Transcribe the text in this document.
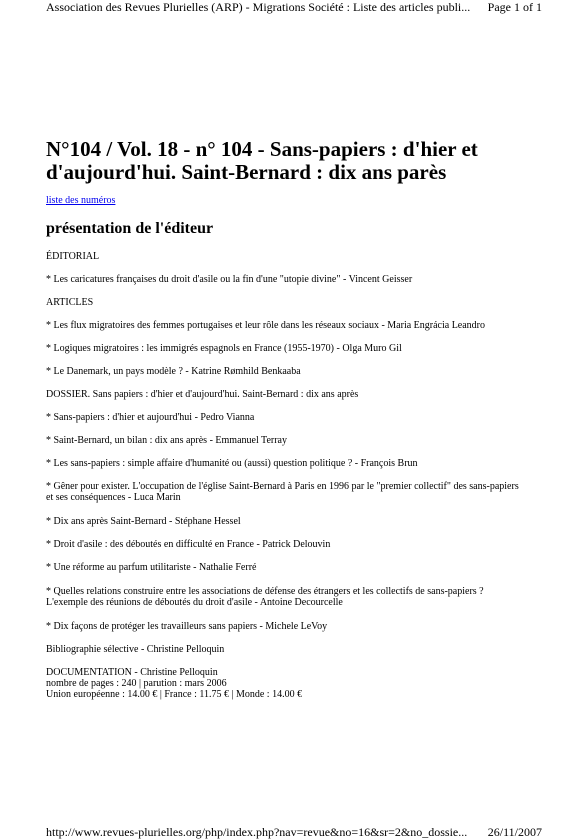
Association des Revues Plurielles (ARP) - Migrations Société : Liste des articles publi... Page 1 of 1
N°104 / Vol. 18 - n° 104 - Sans-papiers : d'hier et d'aujourd'hui. Saint-Bernard : dix ans parès
liste des numéros
présentation de l'éditeur

ÉDITORIAL

* Les caricatures françaises du droit d'asile ou la fin d'une "utopie divine" - Vincent Geisser

ARTICLES

* Les flux migratoires des femmes portugaises et leur rôle dans les réseaux sociaux - Maria Engrácia Leandro

* Logiques migratoires : les immigrés espagnols en France (1955-1970) - Olga Muro Gil

* Le Danemark, un pays modèle ? - Katrine Rømhild Benkaaba

DOSSIER. Sans papiers : d'hier et d'aujourd'hui. Saint-Bernard : dix ans après

* Sans-papiers : d'hier et aujourd'hui - Pedro Vianna

* Saint-Bernard, un bilan : dix ans après - Emmanuel Terray

* Les sans-papiers : simple affaire d'humanité ou (aussi) question politique ? - François Brun

* Gêner pour exister. L'occupation de l'église Saint-Bernard à Paris en 1996 par le "premier collectif" des sans-papiers et ses conséquences - Luca Marin

* Dix ans après Saint-Bernard - Stéphane Hessel

* Droit d'asile : des déboutés en difficulté en France - Patrick Delouvin

* Une réforme au parfum utilitariste - Nathalie Ferré

* Quelles relations construire entre les associations de défense des étrangers et les collectifs de sans-papiers ? L'exemple des réunions de déboutés du droit d'asile - Antoine Decourcelle

* Dix façons de protéger les travailleurs sans papiers - Michele LeVoy

Bibliographie sélective - Christine Pelloquin

DOCUMENTATION - Christine Pelloquin
nombre de pages : 240 | parution : mars 2006
Union européenne : 14.00 € | France : 11.75 € | Monde : 14.00 €
http://www.revues-plurielles.org/php/index.php?nav=revue&no=16&sr=2&no_dossie... 26/11/2007
